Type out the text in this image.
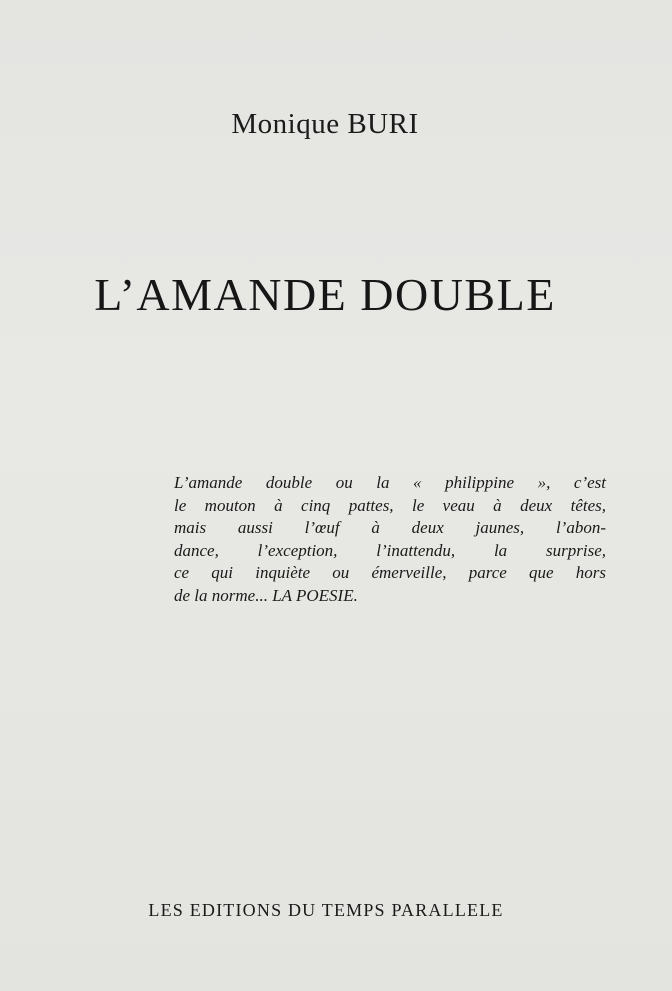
Monique BURI
L’AMANDE DOUBLE
L’amande double ou la « philippine », c’est
le mouton à cinq pattes, le veau à deux têtes,
mais aussi l’œuf à deux jaunes, l’abon-
dance, l’exception, l’inattendu, la surprise,
ce qui inquiète ou émerveille, parce que hors
de la norme... LA POESIE.
LES EDITIONS DU TEMPS PARALLELE
